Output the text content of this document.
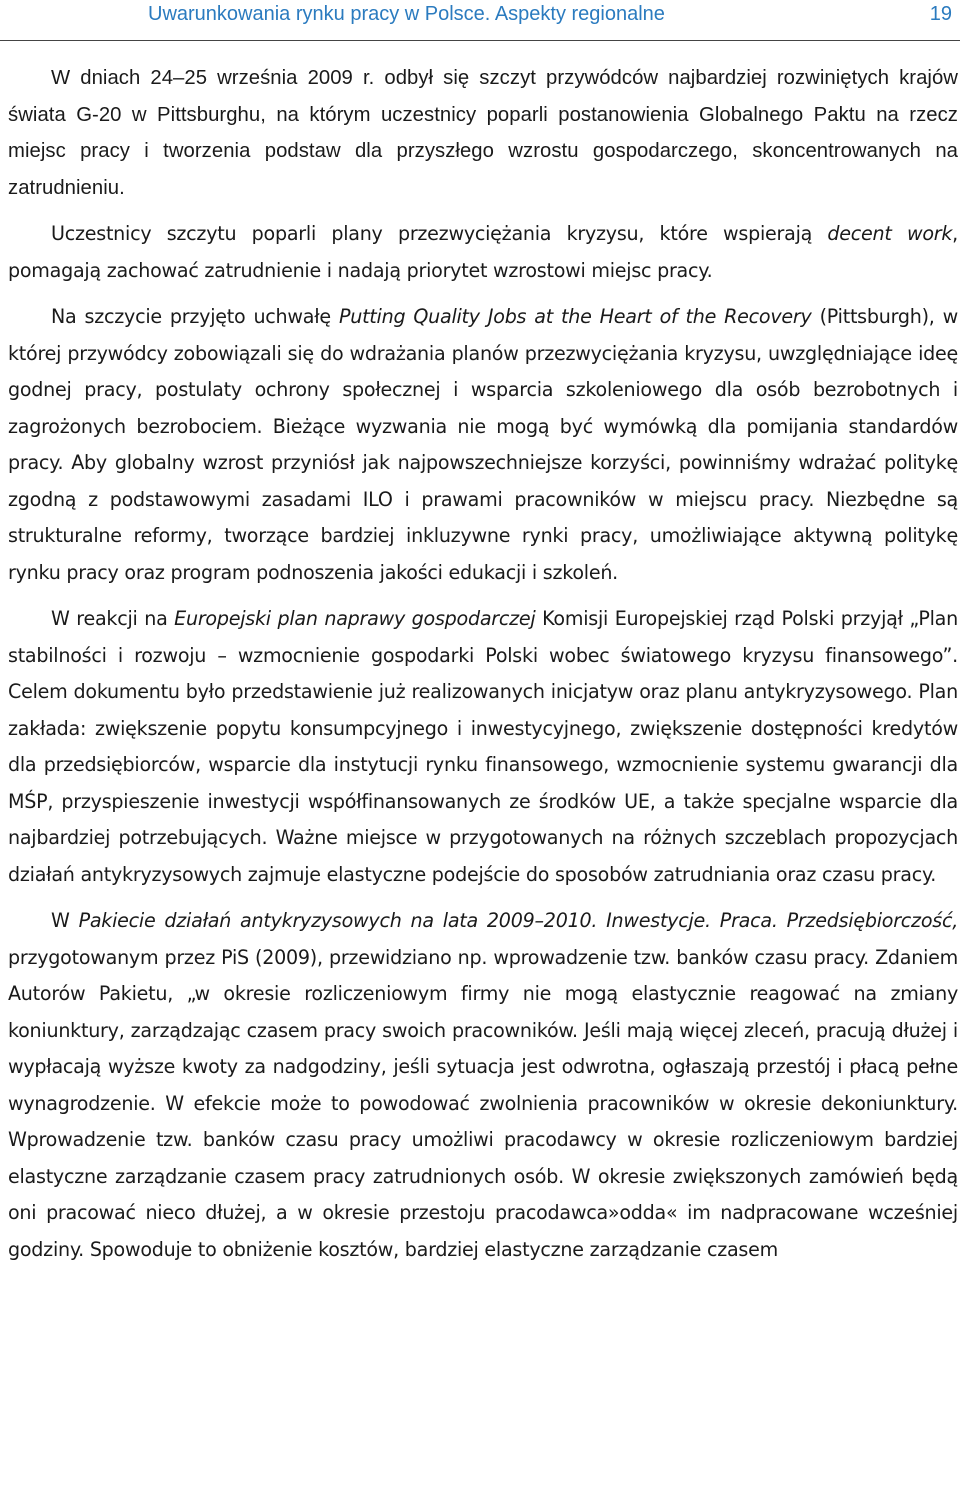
Uwarunkowania rynku pracy w Polsce. Aspekty regionalne	19

W dniach 24–25 września 2009 r. odbył się szczyt przywódców najbardziej rozwiniętych krajów świata G-20 w Pittsburghu, na którym uczestnicy poparli postanowienia Globalnego Paktu na rzecz miejsc pracy i tworzenia podstaw dla przyszłego wzrostu gospodarczego, skoncentrowanych na zatrudnieniu.

Uczestnicy szczytu poparli plany przezwyciężania kryzysu, które wspierają decent work, pomagają zachować zatrudnienie i nadają priorytet wzrostowi miejsc pracy.

Na szczycie przyjęto uchwałę Putting Quality Jobs at the Heart of the Recovery (Pittsburgh), w której przywódcy zobowiązali się do wdrażania planów przezwyciężania kryzysu, uwzględniające ideę godnej pracy, postulaty ochrony społecznej i wsparcia szkoleniowego dla osób bezrobotnych i zagrożonych bezrobociem. Bieżące wyzwania nie mogą być wymówką dla pomijania standardów pracy. Aby globalny wzrost przyniósł jak najpowszechniejsze korzyści, powinniśmy wdrażać politykę zgodną z podstawowymi zasadami ILO i prawami pracowników w miejscu pracy. Niezbędne są strukturalne reformy, tworzące bardziej inkluzywne rynki pracy, umożliwiające aktywną politykę rynku pracy oraz program podnoszenia jakości edukacji i szkoleń.

W reakcji na Europejski plan naprawy gospodarczej Komisji Europejskiej rząd Polski przyjął „Plan stabilności i rozwoju – wzmocnienie gospodarki Polski wobec światowego kryzysu finansowego”. Celem dokumentu było przedstawienie już realizowanych inicjatyw oraz planu antykryzysowego. Plan zakłada: zwiększenie popytu konsumpcyjnego i inwestycyjnego, zwiększenie dostępności kredytów dla przedsiębiorców, wsparcie dla instytucji rynku finansowego, wzmocnienie systemu gwarancji dla MŚP, przyspieszenie inwestycji współfinansowanych ze środków UE, a także specjalne wsparcie dla najbardziej potrzebujących. Ważne miejsce w przygotowanych na różnych szczeblach propozycjach działań antykryzysowych zajmuje elastyczne podejście do sposobów zatrudniania oraz czasu pracy.

W Pakiecie działań antykryzysowych na lata 2009–2010. Inwestycje. Praca. Przedsiębiorczość, przygotowanym przez PiS (2009), przewidziano np. wprowadzenie tzw. banków czasu pracy. Zdaniem Autorów Pakietu, „w okresie rozliczeniowym firmy nie mogą elastycznie reagować na zmiany koniunktury, zarządzając czasem pracy swoich pracowników. Jeśli mają więcej zleceń, pracują dłużej i wypłacają wyższe kwoty za nadgodziny, jeśli sytuacja jest odwrotna, ogłaszają przestój i płacą pełne wynagrodzenie. W efekcie może to powodować zwolnienia pracowników w okresie dekoniunktury. Wprowadzenie tzw. banków czasu pracy umożliwi pracodawcy w okresie rozliczeniowym bardziej elastyczne zarządzanie czasem pracy zatrudnionych osób. W okresie zwiększonych zamówień będą oni pracować nieco dłużej, a w okresie przestoju pracodawca»odda« im nadpracowane wcześniej godziny. Spowoduje to obniżenie kosztów, bardziej elastyczne zarządzanie czasem
